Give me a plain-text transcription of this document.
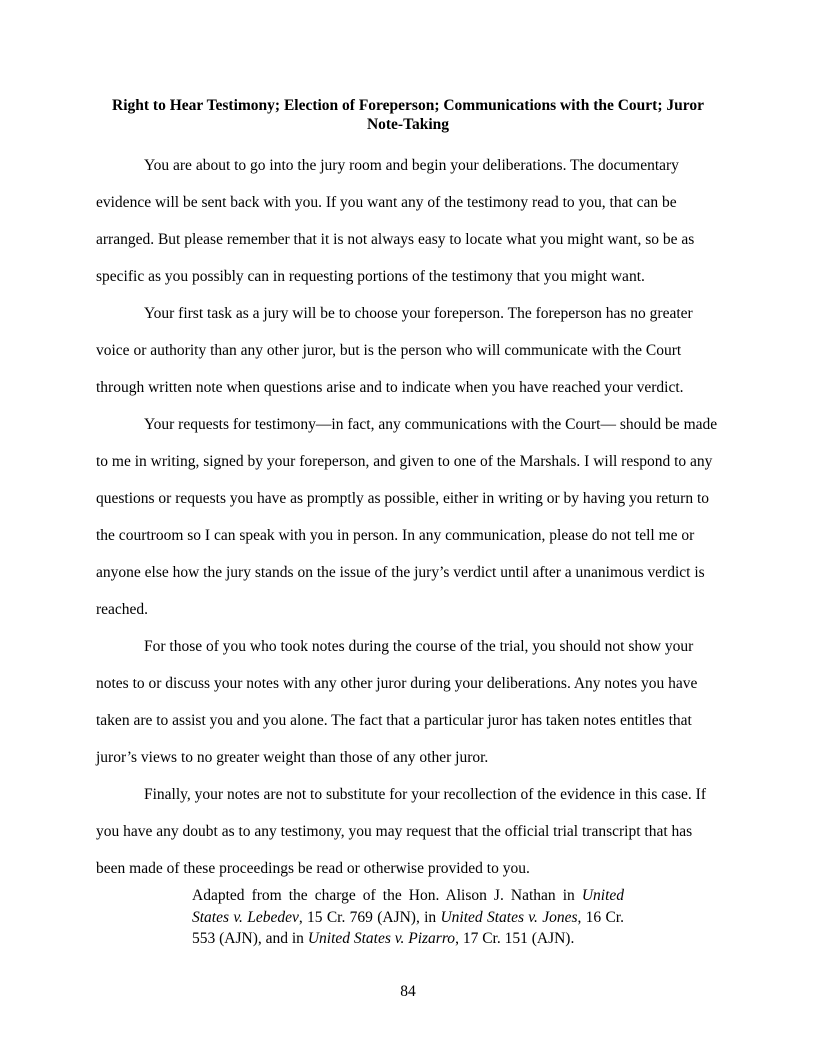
Right to Hear Testimony; Election of Foreperson; Communications with the Court; Juror Note-Taking

You are about to go into the jury room and begin your deliberations. The documentary evidence will be sent back with you. If you want any of the testimony read to you, that can be arranged. But please remember that it is not always easy to locate what you might want, so be as specific as you possibly can in requesting portions of the testimony that you might want.

Your first task as a jury will be to choose your foreperson. The foreperson has no greater voice or authority than any other juror, but is the person who will communicate with the Court through written note when questions arise and to indicate when you have reached your verdict.

Your requests for testimony—in fact, any communications with the Court— should be made to me in writing, signed by your foreperson, and given to one of the Marshals. I will respond to any questions or requests you have as promptly as possible, either in writing or by having you return to the courtroom so I can speak with you in person. In any communication, please do not tell me or anyone else how the jury stands on the issue of the jury’s verdict until after a unanimous verdict is reached.

For those of you who took notes during the course of the trial, you should not show your notes to or discuss your notes with any other juror during your deliberations. Any notes you have taken are to assist you and you alone. The fact that a particular juror has taken notes entitles that juror’s views to no greater weight than those of any other juror.

Finally, your notes are not to substitute for your recollection of the evidence in this case. If you have any doubt as to any testimony, you may request that the official trial transcript that has been made of these proceedings be read or otherwise provided to you.

Adapted from the charge of the Hon. Alison J. Nathan in United States v. Lebedev, 15 Cr. 769 (AJN), in United States v. Jones, 16 Cr. 553 (AJN), and in United States v. Pizarro, 17 Cr. 151 (AJN).
84
